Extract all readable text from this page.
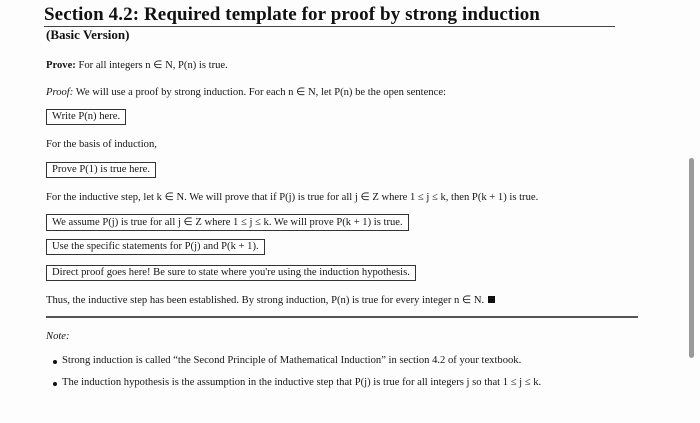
Section 4.2: Required template for proof by strong induction
(Basic Version)
Prove: For all integers n ∈ N, P(n) is true.
Proof: We will use a proof by strong induction. For each n ∈ N, let P(n) be the open sentence:
Write P(n) here.
For the basis of induction,
Prove P(1) is true here.
For the inductive step, let k ∈ N. We will prove that if P(j) is true for all j ∈ Z where 1 ≤ j ≤ k, then P(k + 1) is true.
We assume P(j) is true for all j ∈ Z where 1 ≤ j ≤ k. We will prove P(k + 1) is true.
Use the specific statements for P(j) and P(k + 1).
Direct proof goes here! Be sure to state where you're using the induction hypothesis.
Thus, the inductive step has been established. By strong induction, P(n) is true for every integer n ∈ N.
Note:
Strong induction is called “the Second Principle of Mathematical Induction” in section 4.2 of your textbook.
The induction hypothesis is the assumption in the inductive step that P(j) is true for all integers j so that 1 ≤ j ≤ k.
